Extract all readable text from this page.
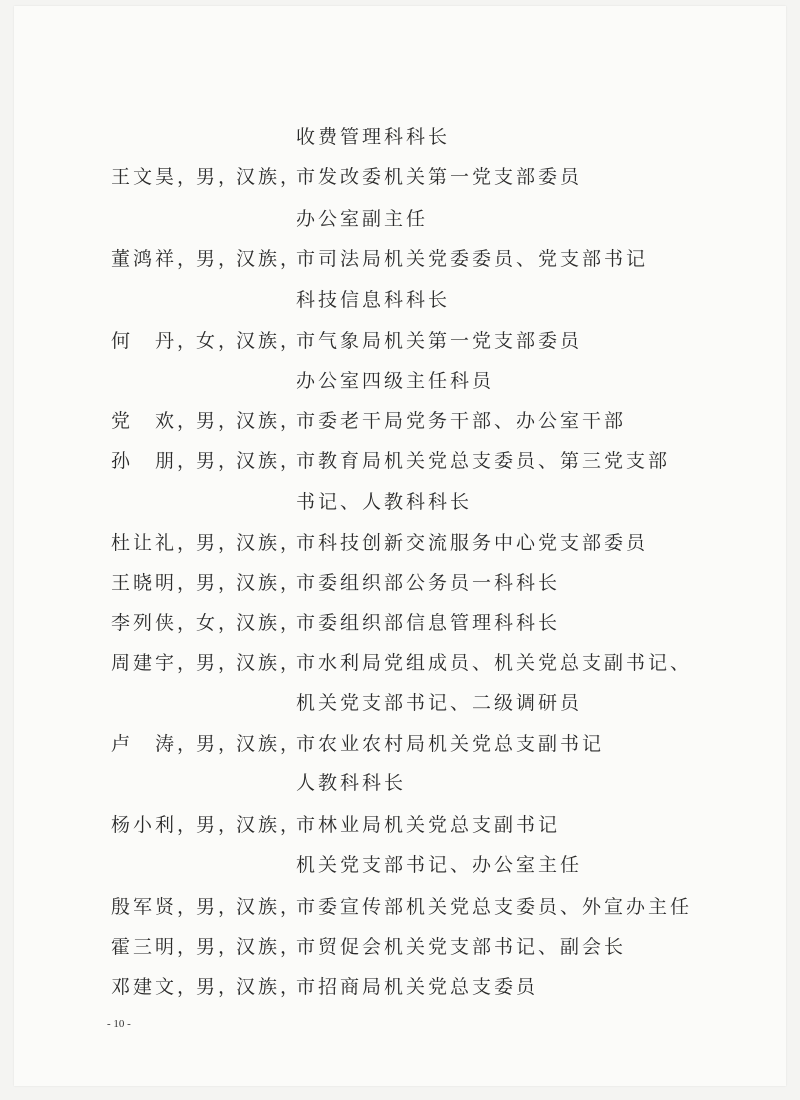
收费管理科科长
王文昊，
男，
汉族，
市发改委机关第一党支部委员
办公室副主任
董鸿祥，
男，
汉族，
市司法局机关党委委员、党支部书记
科技信息科科长
何　丹，
女，
汉族，
市气象局机关第一党支部委员
办公室四级主任科员
党　欢，
男，
汉族，
市委老干局党务干部、办公室干部
孙　朋，
男，
汉族，
市教育局机关党总支委员、第三党支部
书记、人教科科长
杜让礼，
男，
汉族，
市科技创新交流服务中心党支部委员
王晓明，
男，
汉族，
市委组织部公务员一科科长
李列侠，
女，
汉族，
市委组织部信息管理科科长
周建宇，
男，
汉族，
市水利局党组成员、机关党总支副书记、
机关党支部书记、二级调研员
卢　涛，
男，
汉族，
市农业农村局机关党总支副书记
人教科科长
杨小利，
男，
汉族，
市林业局机关党总支副书记
机关党支部书记、办公室主任
殷军贤，
男，
汉族，
市委宣传部机关党总支委员、外宣办主任
霍三明，
男，
汉族，
市贸促会机关党支部书记、副会长
邓建文，
男，
汉族，
市招商局机关党总支委员
- 10 -
